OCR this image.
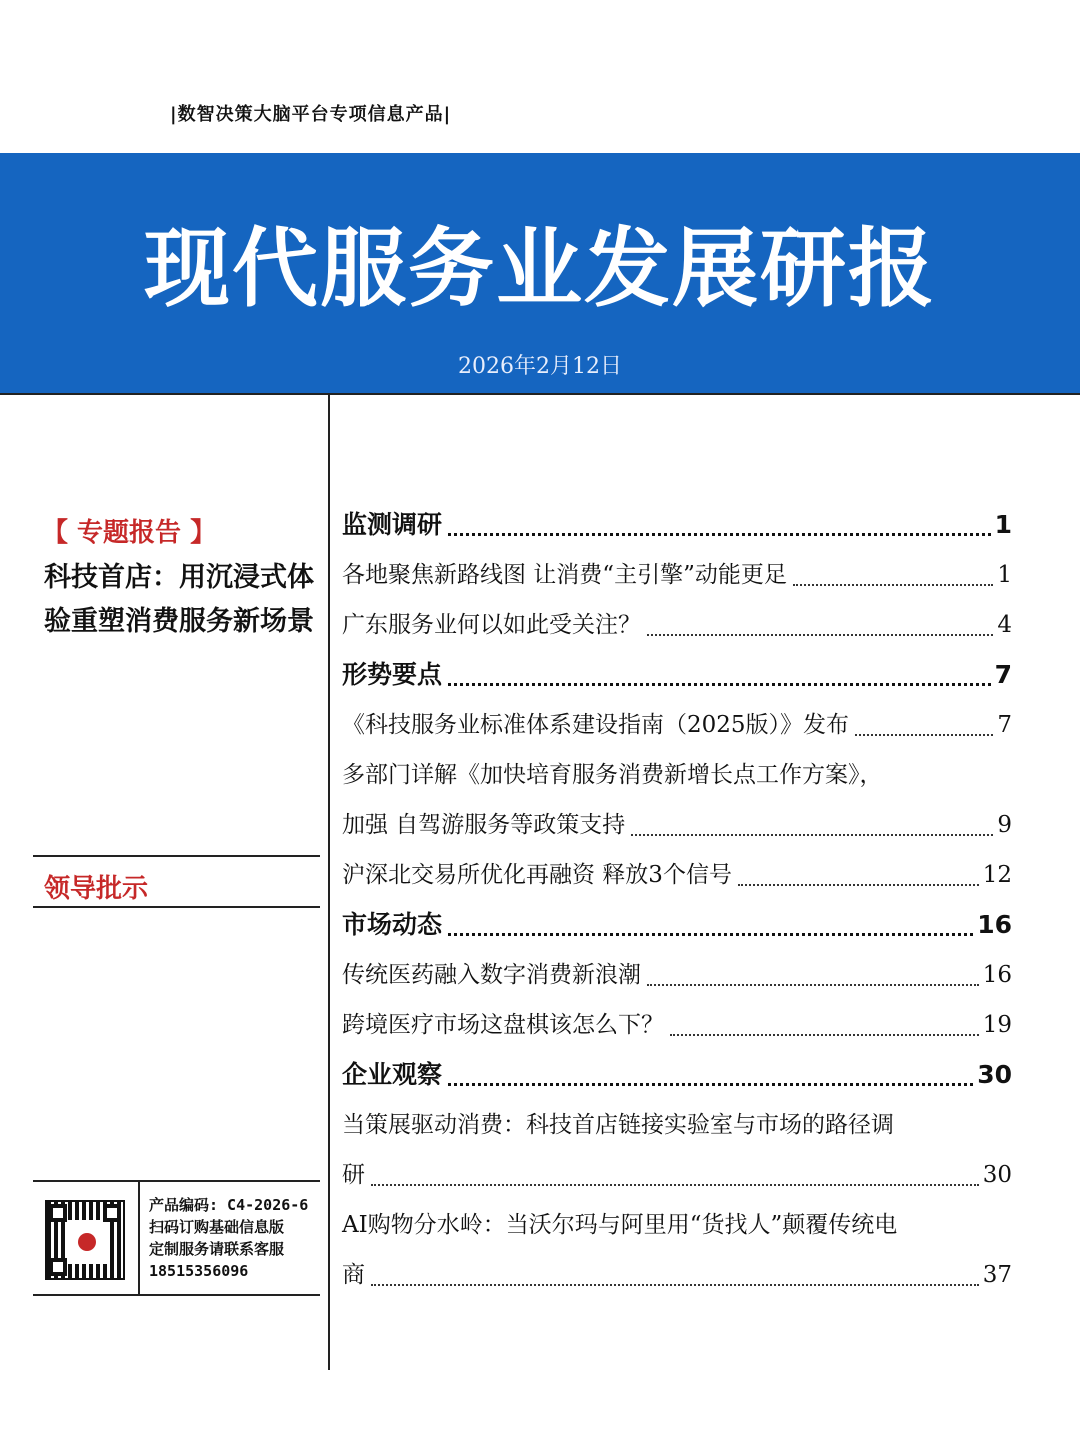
|数智决策大脑平台专项信息产品|
现代服务业发展研报
2026年2月12日
【 专题报告 】
科技首店：用沉浸式体验重塑消费服务新场景
领导批示
产品编码: C4-2026-6
扫码订购基础信息版
定制服务请联系客服
18515356096
监测调研	1
各地聚焦新路线图 让消费“主引擎”动能更足	1
广东服务业何以如此受关注？	4
形势要点	7
《科技服务业标准体系建设指南（2025版）》发布	7
多部门详解《加快培育服务消费新增长点工作方案》，
加强 自驾游服务等政策支持	9
沪深北交易所优化再融资 释放3个信号	12
市场动态	16
传统医药融入数字消费新浪潮	16
跨境医疗市场这盘棋该怎么下？	19
企业观察	30
当策展驱动消费：科技首店链接实验室与市场的路径调
研	30
AI购物分水岭：当沃尔玛与阿里用“货找人”颠覆传统电
商	37
